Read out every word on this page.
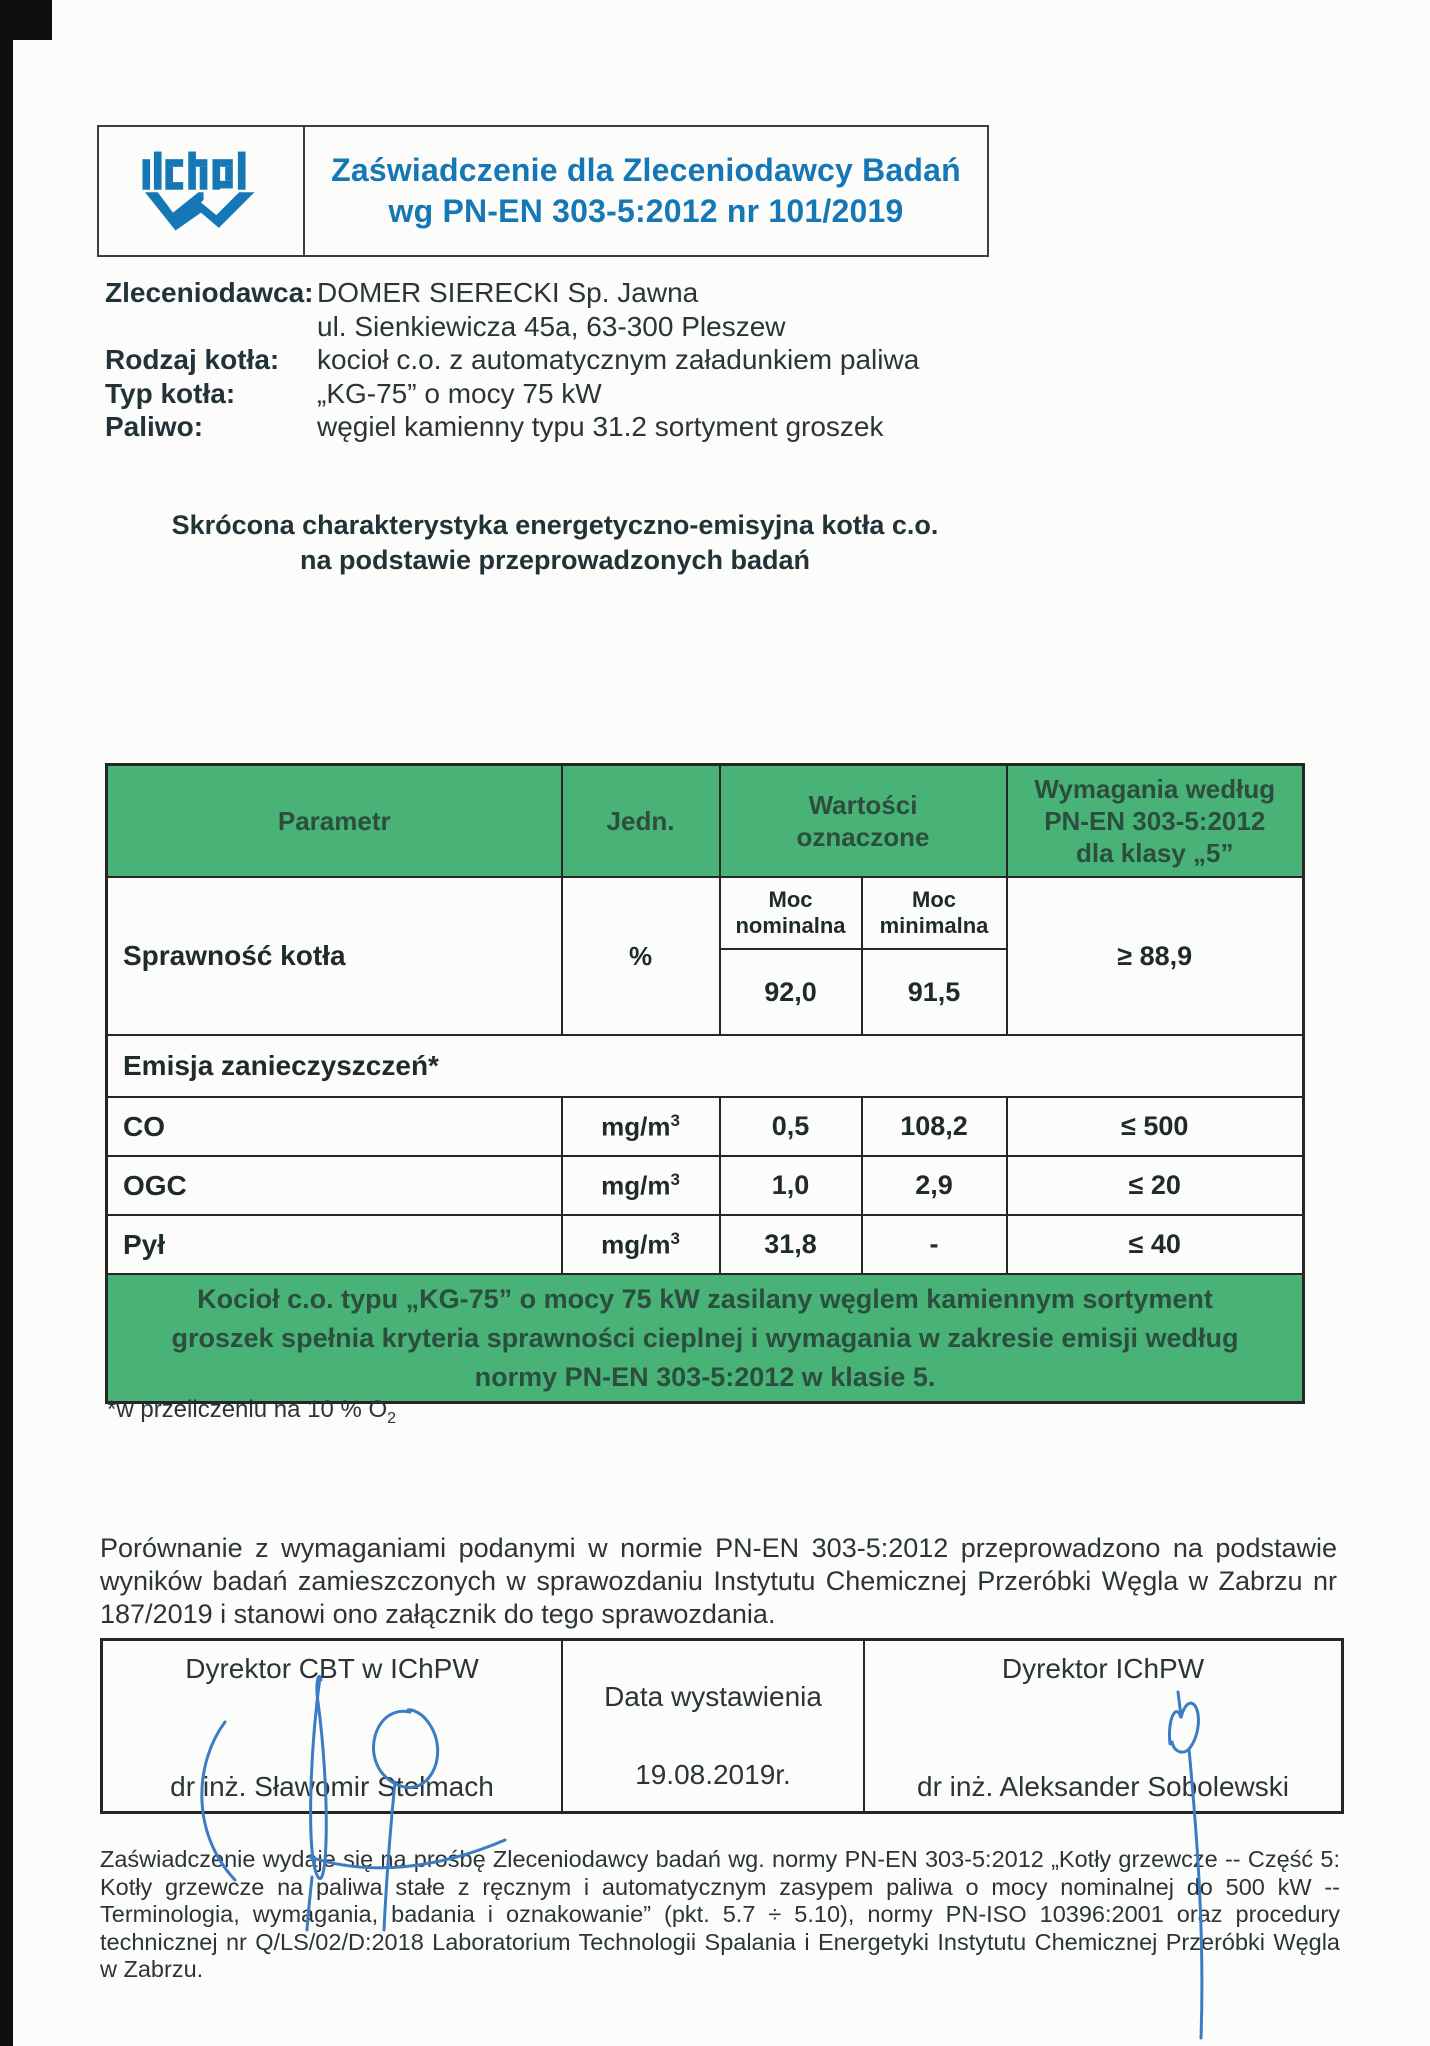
Zaświadczenie dla Zleceniodawcy Badań
wg PN-EN 303-5:2012 nr 101/2019
Zleceniodawca: DOMER SIERECKI Sp. Jawna
ul. Sienkiewicza 45a, 63-300 Pleszew
Rodzaj kotła:	kocioł c.o. z automatycznym załadunkiem paliwa
Typ kotła:	„KG-75” o mocy 75 kW
Paliwo:	węgiel kamienny typu 31.2 sortyment groszek
Skrócona charakterystyka energetyczno-emisyjna kotła c.o.
na podstawie przeprowadzonych badań
Parametr	Jedn.	Wartości oznaczone		Wymagania według PN-EN 303-5:2012 dla klasy „5”
Sprawność kotła	%	Moc nominalna	Moc minimalna	≥ 88,9
		92,0	91,5	
Emisja zanieczyszczeń*				
CO	$mg/m^3$	0,5	108,2	≤ 500
OGC	$mg/m^3$	1,0	2,9	≤ 20
Pył	$mg/m^3$	31,8	-	≤ 40
Kocioł c.o. typu „KG-75” o mocy 75 kW zasilany węglem kamiennym sortyment groszek spełnia kryteria sprawności cieplnej i wymagania w zakresie emisji według normy PN-EN 303-5:2012 w klasie 5.				
*w przeliczeniu na 10 % $O_2$
Porównanie z wymaganiami podanymi w normie PN-EN 303-5:2012 przeprowadzono na podstawie wyników badań zamieszczonych w sprawozdaniu Instytutu Chemicznej Przeróbki Węgla w Zabrzu nr 187/2019 i stanowi ono załącznik do tego sprawozdania.
Dyrektor CBT w IChPW
dr inż. Sławomir Stelmach
Data wystawienia
19.08.2019r.
Dyrektor IChPW
dr inż. Aleksander Sobolewski
Zaświadczenie wydaje się na prośbę Zleceniodawcy badań wg. normy PN-EN 303-5:2012 „Kotły grzewcze -- Część 5: Kotły grzewcze na paliwa stałe z ręcznym i automatycznym zasypem paliwa o mocy nominalnej do 500 kW -- Terminologia, wymagania, badania i oznakowanie” (pkt. 5.7 ÷ 5.10), normy PN-ISO 10396:2001 oraz procedury technicznej nr Q/LS/02/D:2018 Laboratorium Technologii Spalania i Energetyki Instytutu Chemicznej Przeróbki Węgla w Zabrzu.
